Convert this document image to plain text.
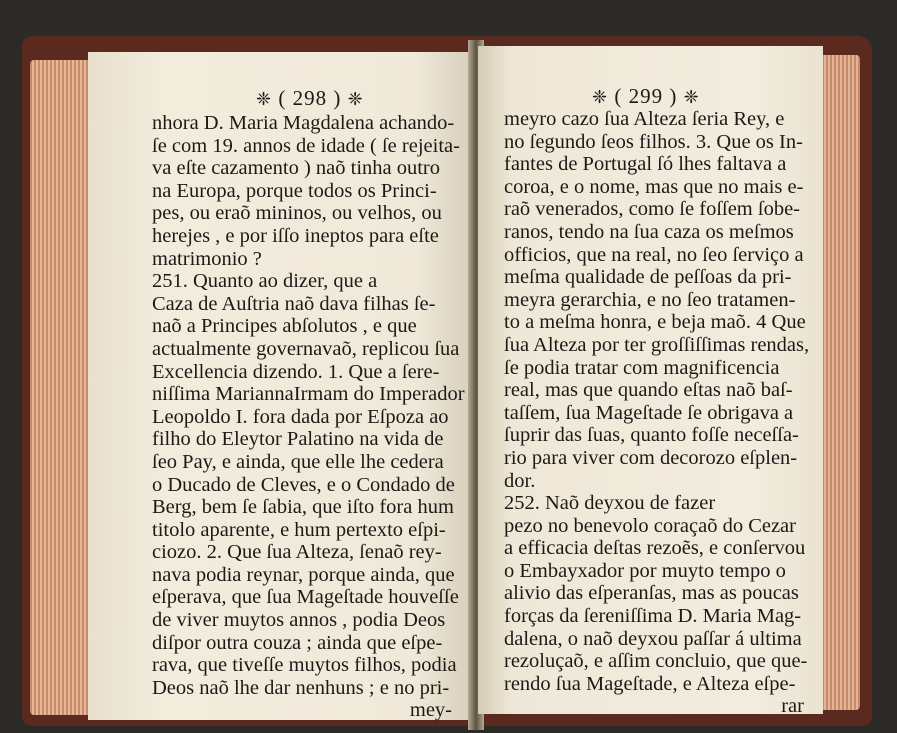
❈ ( 298 ) ❈
nhora D. Maria Magdalena achando-
ſe com 19. annos de idade ( ſe rejeita-
va eſte cazamento ) naõ tinha outro
na Europa, porque todos os Princi-
pes, ou eraõ mininos, ou velhos, ou
herejes , e por iſſo ineptos para eſte
matrimonio ?
251. Quanto ao dizer, que a
Caza de Auſtria naõ dava filhas ſe-
naõ a Principes abſolutos , e que
actualmente governavaõ, replicou ſua
Excellencia dizendo. 1. Que a ſere-
niſſima MariannaIrmam do Imperador
Leopoldo I. fora dada por Eſpoza ao
filho do Eleytor Palatino na vida de
ſeo Pay, e ainda, que elle lhe cedera
o Ducado de Cleves, e o Condado de
Berg, bem ſe ſabia, que iſto fora hum
titolo aparente, e hum pertexto eſpi-
ciozo. 2. Que ſua Alteza, ſenaõ rey-
nava podia reynar, porque ainda, que
eſperava, que ſua Mageſtade houveſſe
de viver muytos annos , podia Deos
diſpor outra couza ; ainda que eſpe-
rava, que tiveſſe muytos filhos, podia
Deos naõ lhe dar nenhuns ; e no pri-
mey-
❈ ( 299 ) ❈
meyro cazo ſua Alteza ſeria Rey, e
no ſegundo ſeos filhos. 3. Que os In-
fantes de Portugal ſó lhes faltava a
coroa, e o nome, mas que no mais e-
raõ venerados, como ſe foſſem ſobe-
ranos, tendo na ſua caza os meſmos
officios, que na real, no ſeo ſerviço a
meſma qualidade de peſſoas da pri-
meyra gerarchia, e no ſeo tratamen-
to a meſma honra, e beja maõ. 4 Que
ſua Alteza por ter groſſiſſimas rendas,
ſe podia tratar com magnificencia
real, mas que quando eſtas naõ baſ-
taſſem, ſua Mageſtade ſe obrigava a
ſuprir das ſuas, quanto foſſe neceſſa-
rio para viver com decorozo eſplen-
dor.
252. Naõ deyxou de fazer
pezo no benevolo coraçaõ do Cezar
a efficacia deſtas rezoẽs, e conſervou
o Embayxador por muyto tempo o
alivio das eſperanſas, mas as poucas
forças da ſereniſſima D. Maria Mag-
dalena, o naõ deyxou paſſar á ultima
rezoluçaõ, e aſſim concluio, que que-
rendo ſua Mageſtade, e Alteza eſpe-
rar
